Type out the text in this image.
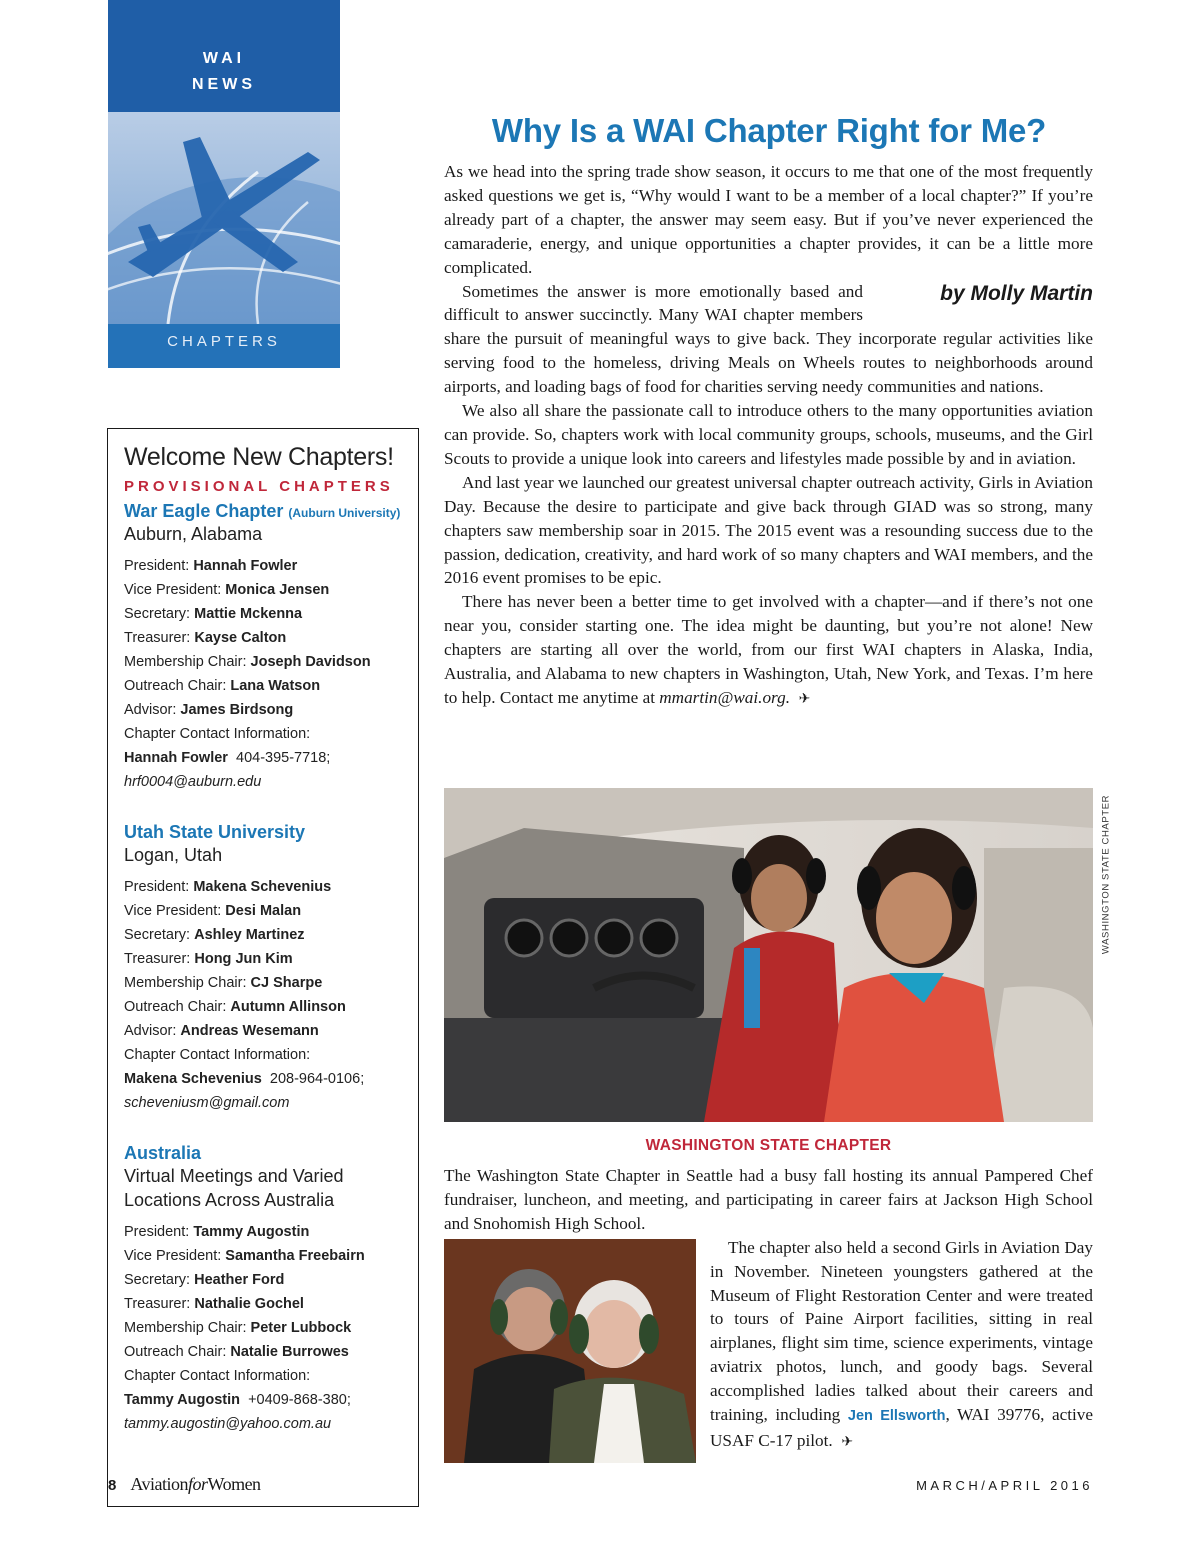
WAI
NEWS
CHAPTERS
Welcome New Chapters!
PROVISIONAL CHAPTERS
War Eagle Chapter (Auburn University)
Auburn, Alabama
President: Hannah Fowler
Vice President: Monica Jensen
Secretary: Mattie Mckenna
Treasurer: Kayse Calton
Membership Chair: Joseph Davidson
Outreach Chair: Lana Watson
Advisor: James Birdsong
Chapter Contact Information:
Hannah Fowler 404-395-7718;
hrf0004@auburn.edu
Utah State University
Logan, Utah
President: Makena Schevenius
Vice President: Desi Malan
Secretary: Ashley Martinez
Treasurer: Hong Jun Kim
Membership Chair: CJ Sharpe
Outreach Chair: Autumn Allinson
Advisor: Andreas Wesemann
Chapter Contact Information:
Makena Schevenius 208-964-0106;
scheveniusm@gmail.com
Australia
Virtual Meetings and Varied
Locations Across Australia
President: Tammy Augostin
Vice President: Samantha Freebairn
Secretary: Heather Ford
Treasurer: Nathalie Gochel
Membership Chair: Peter Lubbock
Outreach Chair: Natalie Burrowes
Chapter Contact Information:
Tammy Augostin +0409-868-380;
tammy.augostin@yahoo.com.au
Why Is a WAI Chapter Right for Me?

As we head into the spring trade show season, it occurs to me that one of the most frequently asked questions we get is, “Why would I want to be a member of a local chapter?” If you’re already part of a chapter, the answer may seem easy. But if you’ve never experienced the camaraderie, energy, and unique opportunities a chapter provides, it can be a little more complicated.

by Molly Martin

Sometimes the answer is more emotionally based and difficult to answer succinctly. Many WAI chapter members share the pursuit of meaningful ways to give back. They incorporate regular activities like serving food to the homeless, driving Meals on Wheels routes to neighborhoods around airports, and loading bags of food for charities serving needy communities and nations.

We also all share the passionate call to introduce others to the many opportunities aviation can provide. So, chapters work with local community groups, schools, museums, and the Girl Scouts to provide a unique look into careers and lifestyles made possible by and in aviation.

And last year we launched our greatest universal chapter outreach activity, Girls in Aviation Day. Because the desire to participate and give back through GIAD was so strong, many chapters saw membership soar in 2015. The 2015 event was a resounding success due to the passion, dedication, creativity, and hard work of so many chapters and WAI members, and the 2016 event promises to be epic.

There has never been a better time to get involved with a chapter—and if there’s not one near you, consider starting one. The idea might be daunting, but you’re not alone! New chapters are starting all over the world, from our first WAI chapters in Alaska, India, Australia, and Alabama to new chapters in Washington, Utah, New York, and Texas. I’m here to help. Contact me anytime at mmartin@wai.org. ✈

WASHINGTON STATE CHAPTER
WASHINGTON STATE CHAPTER

The Washington State Chapter in Seattle had a busy fall hosting its annual Pampered Chef fundraiser, luncheon, and meeting, and participating in career fairs at Jackson High School and Snohomish High School.

The chapter also held a second Girls in Aviation Day in November. Nineteen youngsters gathered at the Museum of Flight Restoration Center and were treated to tours of Paine Airport facilities, sitting in real airplanes, flight sim time, science experiments, vintage aviatrix photos, lunch, and goody bags. Several accomplished ladies talked about their careers and training, including Jen Ellsworth, WAI 39776, active USAF C-17 pilot. ✈

8 AviationforWomen	MARCH/APRIL 2016
